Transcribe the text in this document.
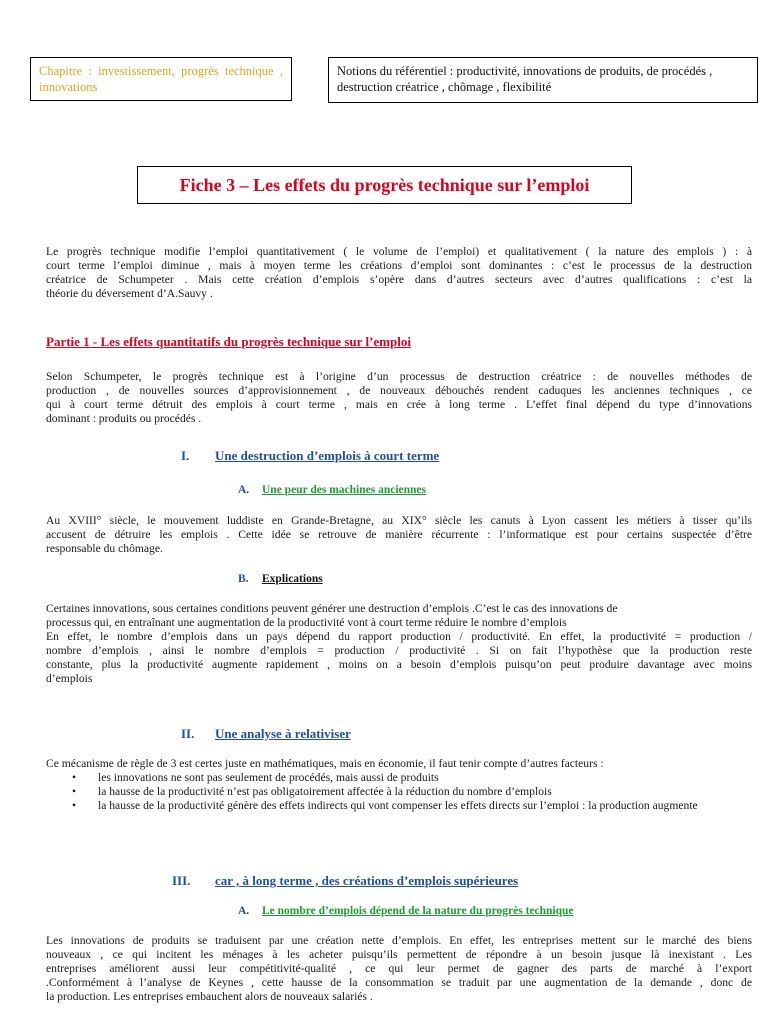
Chapitre : investissement, progrès technique , innovations
Notions du référentiel : productivité, innovations de produits, de procédés , destruction créatrice , chômage , flexibilité
Fiche 3 – Les effets du progrès technique sur l’emploi

Le progrès technique modifie l’emploi quantitativement ( le volume de l’emploi) et qualitativement ( la nature des emplois ) : à
court terme l’emploi diminue , mais à moyen terme les créations d’emploi sont dominantes : c’est le processus de la destruction
créatrice de Schumpeter . Mais cette création d’emplois s’opère dans d’autres secteurs avec d’autres qualifications : c’est la
théorie du déversement d’A.Sauvy .

Partie 1 - Les effets quantitatifs du progrès technique sur l’emploi

Selon Schumpeter, le progrès technique est à l’origine d’un processus de destruction créatrice : de nouvelles méthodes de
production , de nouvelles sources d’approvisionnement , de nouveaux débouchés rendent caduques les anciennes techniques , ce
qui à court terme détruit des emplois à court terme , mais en crée à long terme . L’effet final dépend du type d’innovations
dominant : produits ou procédés .

I. Une destruction d’emplois à court terme
A. Une peur des machines anciennes

Au XVIII° siècle, le mouvement luddiste en Grande-Bretagne, au XIX° siècle les canuts à Lyon cassent les métiers à tisser qu’ils
accusent de détruire les emplois . Cette idée se retrouve de manière récurrente : l’informatique est pour certains suspectée d’être
responsable du chômage.

B. Explications

Certaines innovations, sous certaines conditions peuvent générer une destruction d’emplois .C’est le cas des innovations de
processus qui, en entraînant une augmentation de la productivité vont à court terme réduire le nombre d’emplois
En effet, le nombre d’emplois dans un pays dépend du rapport production / productivité. En effet, la productivité = production /
nombre d’emplois , ainsi le nombre d’emplois = production / productivité . Si on fait l’hypothèse que la production reste
constante, plus la productivité augmente rapidement , moins on a besoin d’emplois puisqu’on peut produire davantage avec moins
d’emplois

II. Une analyse à relativiser

Ce mécanisme de règle de 3 est certes juste en mathématiques, mais en économie, il faut tenir compte d’autres facteurs :

• les innovations ne sont pas seulement de procédés, mais aussi de produits
• la hausse de la productivité n’est pas obligatoirement affectée à la réduction du nombre d’emplois
• la hausse de la productivité génère des effets indirects qui vont compenser les effets directs sur l’emploi : la production augmente
III. car , à long terme , des créations d’emplois supérieures
A. Le nombre d’emplois dépend de la nature du progrès technique

Les innovations de produits se traduisent par une création nette d’emplois. En effet, les entreprises mettent sur le marché des biens
nouveaux , ce qui incitent les ménages à les acheter puisqu’ils permettent de répondre à un besoin jusque là inexistant . Les
entreprises améliorent aussi leur compétitivité-qualité , ce qui leur permet de gagner des parts de marché à l’export
.Conformément à l’analyse de Keynes , cette hausse de la consommation se traduit par une augmentation de la demande , donc de
la production. Les entreprises embauchent alors de nouveaux salariés .
